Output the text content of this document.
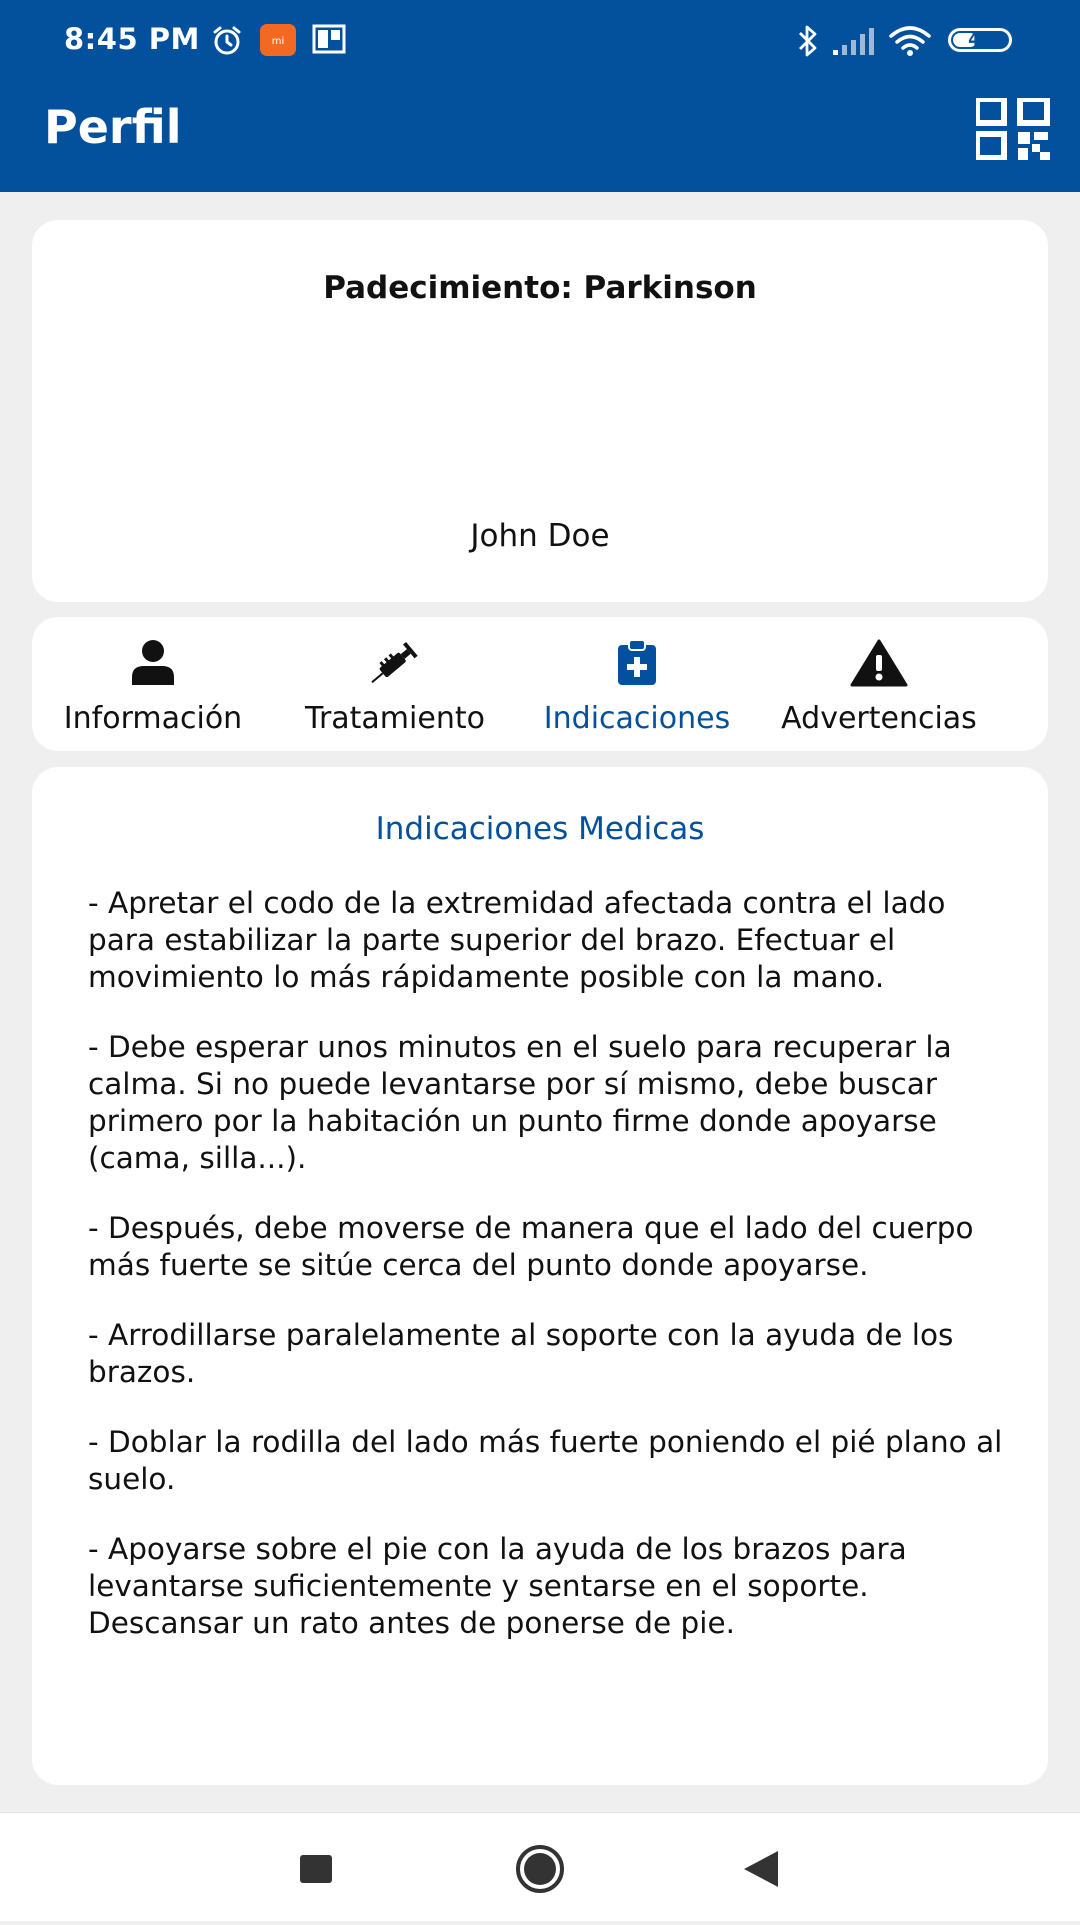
8:45 PM	mi	43
Perfil
Padecimiento: Parkinson
John Doe
Información	Tratamiento	Indicaciones	Advertencias
Indicaciones Medicas

- Apretar el codo de la extremidad afectada contra el lado para estabilizar la parte superior del brazo. Efectuar el movimiento lo más rápidamente posible con la mano.

- Debe esperar unos minutos en el suelo para recuperar la calma. Si no puede levantarse por sí mismo, debe buscar primero por la habitación un punto firme donde apoyarse (cama, silla...).

- Después, debe moverse de manera que el lado del cuerpo más fuerte se sitúe cerca del punto donde apoyarse.

- Arrodillarse paralelamente al soporte con la ayuda de los brazos.

- Doblar la rodilla del lado más fuerte poniendo el pié plano al suelo.

- Apoyarse sobre el pie con la ayuda de los brazos para levantarse suficientemente y sentarse en el soporte. Descansar un rato antes de ponerse de pie.
